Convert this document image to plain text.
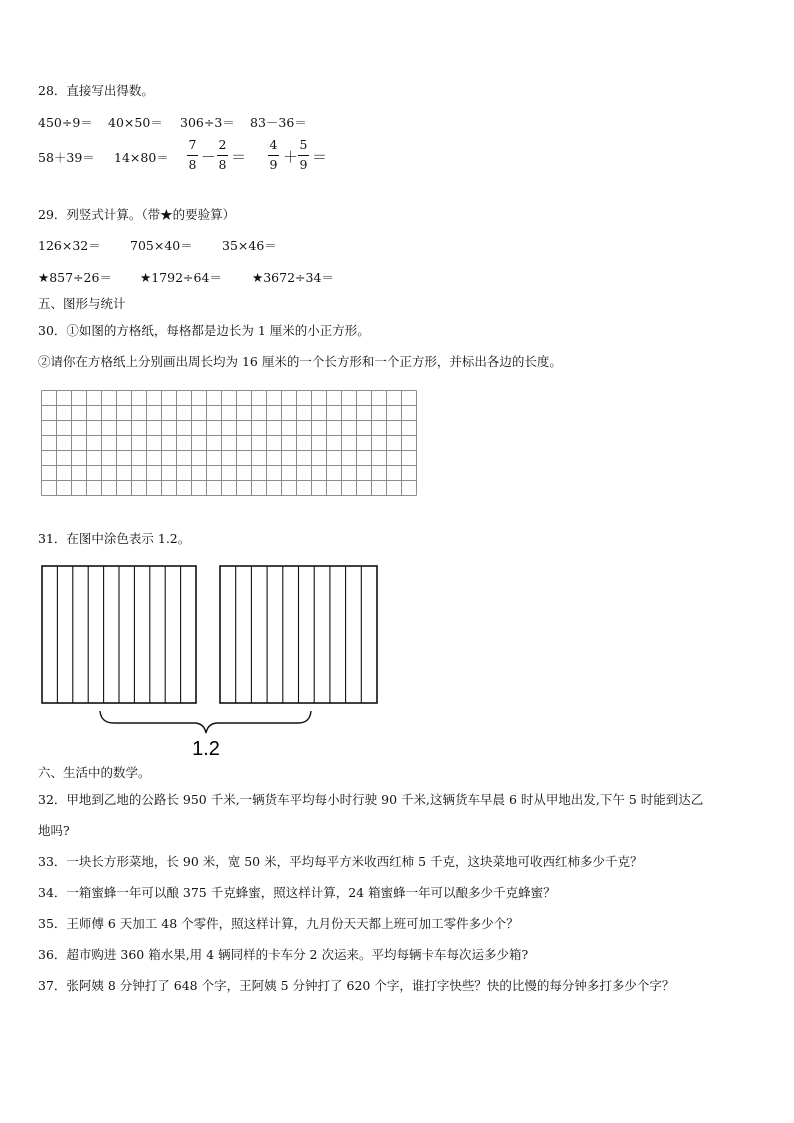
28．直接写出得数。
450÷9＝ 40×50＝ 306÷3＝ 83－36＝
58＋39＝ 14×80＝
7
8 －
2
8 ＝
4
9 ＋
5
9 ＝
29．列竖式计算。（带★的要验算）
126×32＝ 705×40＝ 35×46＝
★857÷26＝ ★1792÷64＝ ★3672÷34＝
五、图形与统计
30．①如图的方格纸，每格都是边长为 1 厘米的小正方形。
②请你在方格纸上分别画出周长均为 16 厘米的一个长方形和一个正方形，并标出各边的长度。
31．在图中涂色表示 1.2。
1.2
六、生活中的数学。
32．甲地到乙地的公路长 950 千米,一辆货车平均每小时行驶 90 千米,这辆货车早晨 6 时从甲地出发,下午 5 时能到达乙
地吗?
33．一块长方形菜地，长 90 米，宽 50 米，平均每平方米收西红柿 5 千克，这块菜地可收西红柿多少千克？
34．一箱蜜蜂一年可以酿 375 千克蜂蜜，照这样计算，24 箱蜜蜂一年可以酿多少千克蜂蜜？
35．王师傅 6 天加工 48 个零件，照这样计算，九月份天天都上班可加工零件多少个？
36．超市购进 360 箱水果,用 4 辆同样的卡车分 2 次运来。平均每辆卡车每次运多少箱?
37．张阿姨 8 分钟打了 648 个字，王阿姨 5 分钟打了 620 个字，谁打字快些？快的比慢的每分钟多打多少个字？
